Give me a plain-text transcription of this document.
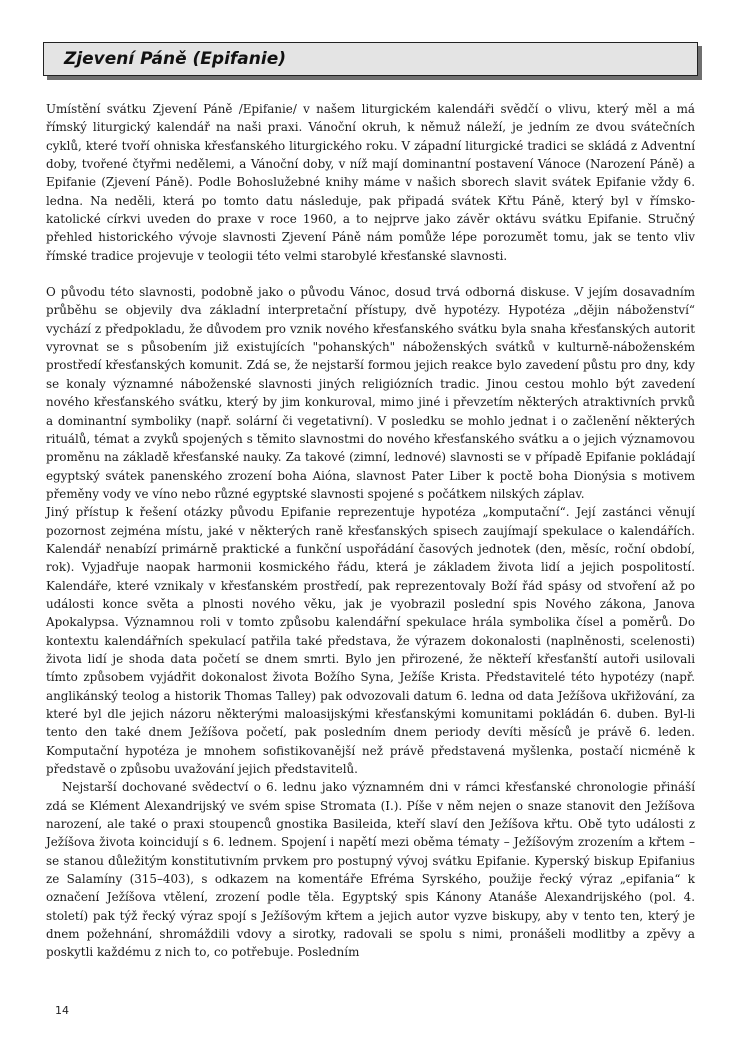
Zjevení Páně (Epifanie)

Umístění svátku Zjevení Páně /Epifanie/ v našem liturgickém kalendáři svědčí o vlivu, který měl a má římský liturgický kalendář na naši praxi. Vánoční okruh, k němuž náleží, je jedním ze dvou svátečních cyklů, které tvoří ohniska křesťanského liturgického roku. V západní liturgické tradici se skládá z Adventní doby, tvořené čtyřmi nedělemi, a Vánoční doby, v níž mají dominantní postavení Vánoce (Narození Páně) a Epifanie (Zjevení Páně). Podle Bohoslužebné knihy máme v našich sborech slavit svátek Epifanie vždy 6. ledna. Na neděli, která po tomto datu následuje, pak připadá svátek Křtu Páně, který byl v římsko-katolické církvi uveden do praxe v roce 1960, a to nejprve jako závěr oktávu svátku Epifanie. Stručný přehled historického vývoje slavnosti Zjevení Páně nám pomůže lépe porozumět tomu, jak se tento vliv římské tradice projevuje v teologii této velmi starobylé křesťanské slavnosti.

O původu této slavnosti, podobně jako o původu Vánoc, dosud trvá odborná diskuse. V jejím dosavadním průběhu se objevily dva základní interpretační přístupy, dvě hypotézy. Hypotéza „dějin náboženství“ vychází z předpokladu, že důvodem pro vznik nového křesťanského svátku byla snaha křesťanských autorit vyrovnat se s působením již existujících "pohanských" náboženských svátků v kulturně-náboženském prostředí křesťanských komunit. Zdá se, že nejstarší formou jejich reakce bylo zavedení půstu pro dny, kdy se konaly významné náboženské slavnosti jiných religiózních tradic. Jinou cestou mohlo být zavedení nového křesťanského svátku, který by jim konkuroval, mimo jiné i převzetím některých atraktivních prvků a dominantní symboliky (např. solární či vegetativní). V posledku se mohlo jednat i o začlenění některých rituálů, témat a zvyků spojených s těmito slavnostmi do nového křesťanského svátku a o jejich významovou proměnu na základě křesťanské nauky. Za takové (zimní, lednové) slavnosti se v případě Epifanie pokládají egyptský svátek panenského zrození boha Aióna, slavnost Pater Liber k poctě boha Dionýsia s motivem přeměny vody ve víno nebo různé egyptské slavnosti spojené s počátkem nilských záplav.

Jiný přístup k řešení otázky původu Epifanie reprezentuje hypotéza „komputační“. Její zastánci věnují pozornost zejména místu, jaké v některých raně křesťanských spisech zaujímají spekulace o kalendářích. Kalendář nenabízí primárně praktické a funkční uspořádání časových jednotek (den, měsíc, roční období, rok). Vyjadřuje naopak harmonii kosmického řádu, která je základem života lidí a jejich pospolitostí. Kalendáře, které vznikaly v křesťanském prostředí, pak reprezentovaly Boží řád spásy od stvoření až po události konce světa a plnosti nového věku, jak je vyobrazil poslední spis Nového zákona, Janova Apokalypsa. Významnou roli v tomto způsobu kalendářní spekulace hrála symbolika čísel a poměrů. Do kontextu kalendářních spekulací patřila také představa, že výrazem dokonalosti (naplněnosti, scelenosti) života lidí je shoda data početí se dnem smrti. Bylo jen přirozené, že někteří křesťanští autoři usilovali tímto způsobem vyjádřit dokonalost života Božího Syna, Ježíše Krista. Představitelé této hypotézy (např. anglikánský teolog a historik Thomas Talley) pak odvozovali datum 6. ledna od data Ježíšova ukřižování, za které byl dle jejich názoru některými maloasijskými křesťanskými komunitami pokládán 6. duben. Byl-li tento den také dnem Ježíšova početí, pak posledním dnem periody devíti měsíců je právě 6. leden. Komputační hypotéza je mnohem sofistikovanější než právě představená myšlenka, postačí nicméně k představě o způsobu uvažování jejich představitelů.

Nejstarší dochované svědectví o 6. lednu jako významném dni v rámci křesťanské chronologie přináší zdá se Klément Alexandrijský ve svém spise Stromata (I.). Píše v něm nejen o snaze stanovit den Ježíšova narození, ale také o praxi stoupenců gnostika Basileida, kteří slaví den Ježíšova křtu. Obě tyto události z Ježíšova života koincidují s 6. lednem. Spojení i napětí mezi oběma tématy – Ježíšovým zrozením a křtem – se stanou důležitým konstitutivním prvkem pro postupný vývoj svátku Epifanie. Kyperský biskup Epifanius ze Salamíny (315–403), s odkazem na komentáře Efréma Syrského, použije řecký výraz „epifania“ k označení Ježíšova vtělení, zrození podle těla. Egyptský spis Kánony Atanáše Alexandrijského (pol. 4. století) pak týž řecký výraz spojí s Ježíšovým křtem a jejich autor vyzve biskupy, aby v tento ten, který je dnem požehnání, shromáždili vdovy a sirotky, radovali se spolu s nimi, pronášeli modlitby a zpěvy a poskytli každému z nich to, co potřebuje. Posledním

14
